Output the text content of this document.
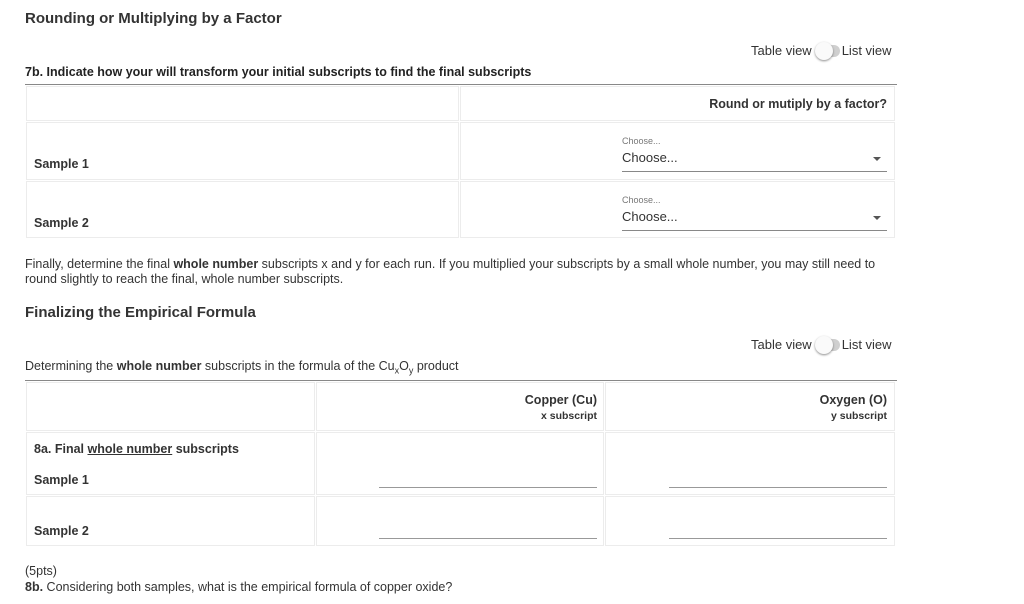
Rounding or Multiplying by a Factor
Table view List view
7b. Indicate how your will transform your initial subscripts to find the final subscripts
Round or mutiply by a factor?
Sample 1
Choose...
Choose...
Sample 2
Choose...
Choose...
Finally, determine the final whole number subscripts x and y for each run. If you multiplied your subscripts by a small whole number, you may still need to round slightly to reach the final, whole number subscripts.
Finalizing the Empirical Formula
Table view List view
Determining the whole number subscripts in the formula of the $Cu_xO_y$ product
Copper (Cu)
x subscript
Oxygen (O)
y subscript
8a. Final whole number subscripts
Sample 1
Sample 2
(5pts)
8b. Considering both samples, what is the empirical formula of copper oxide?
